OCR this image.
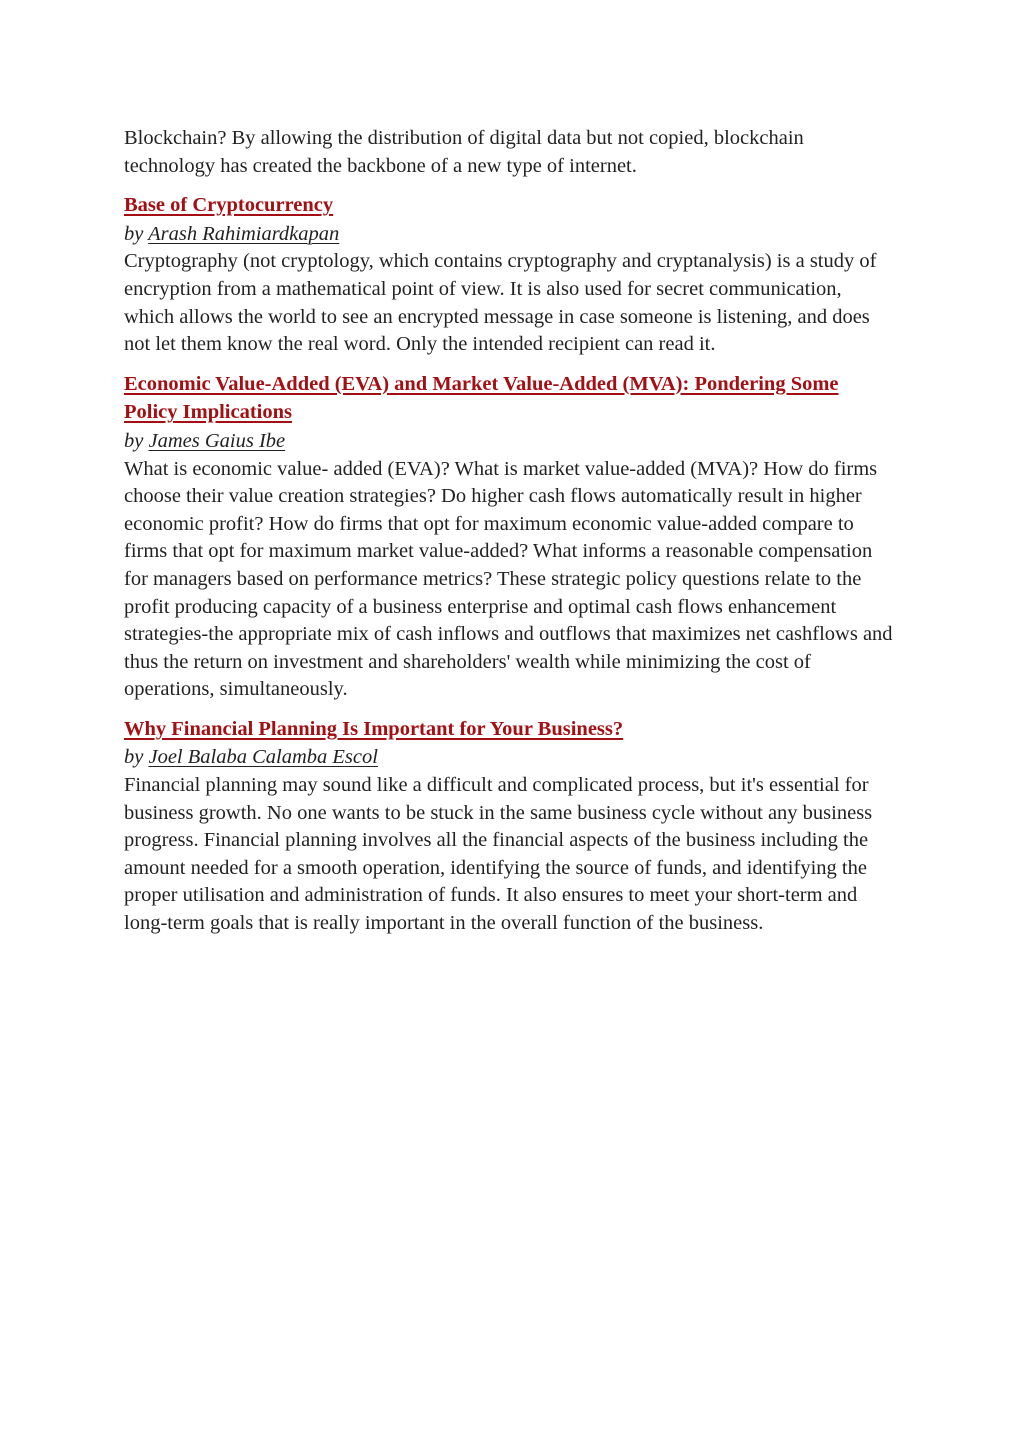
Blockchain? By allowing the distribution of digital data but not copied, blockchain technology has created the backbone of a new type of internet.

Base of Cryptocurrency

by Arash Rahimiardkapan

Cryptography (not cryptology, which contains cryptography and cryptanalysis) is a study of encryption from a mathematical point of view. It is also used for secret communication, which allows the world to see an encrypted message in case someone is listening, and does not let them know the real word. Only the intended recipient can read it.

Economic Value-Added (EVA) and Market Value-Added (MVA): Pondering Some Policy Implications

by James Gaius Ibe

What is economic value- added (EVA)? What is market value-added (MVA)? How do firms choose their value creation strategies? Do higher cash flows automatically result in higher economic profit? How do firms that opt for maximum economic value-added compare to firms that opt for maximum market value-added? What informs a reasonable compensation for managers based on performance metrics? These strategic policy questions relate to the profit producing capacity of a business enterprise and optimal cash flows enhancement strategies-the appropriate mix of cash inflows and outflows that maximizes net cashflows and thus the return on investment and shareholders' wealth while minimizing the cost of operations, simultaneously.

Why Financial Planning Is Important for Your Business?

by Joel Balaba Calamba Escol

Financial planning may sound like a difficult and complicated process, but it's essential for business growth. No one wants to be stuck in the same business cycle without any business progress. Financial planning involves all the financial aspects of the business including the amount needed for a smooth operation, identifying the source of funds, and identifying the proper utilisation and administration of funds. It also ensures to meet your short-term and long-term goals that is really important in the overall function of the business.
